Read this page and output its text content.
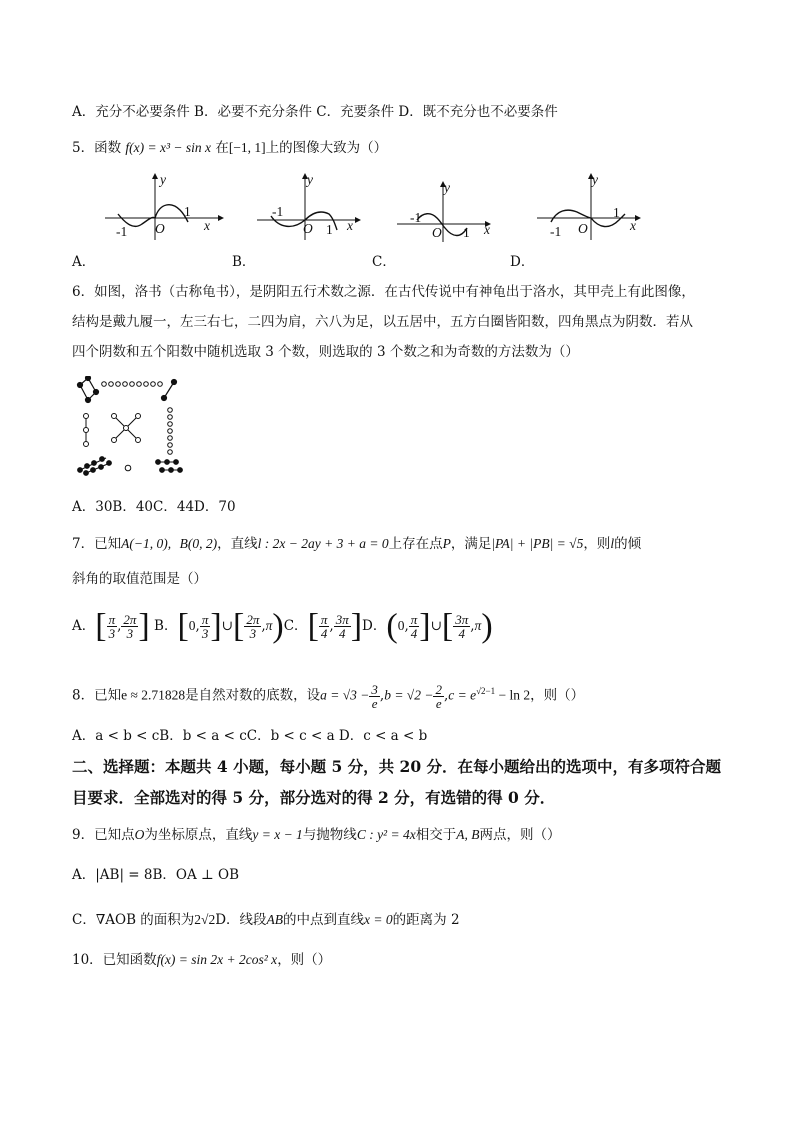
A．充分不必要条件 B．必要不充分条件 C．充要条件 D．既不充分也不必要条件
5．函数 f(x) = x³ − sin x 在[−1, 1]上的图像大致为（）
y
x
O
1
-1
A．
y
x
O 1
-1
B．
y
x
O 1
-1
C．
y
x
O
1
-1
D．
6．如图，洛书（古称龟书），是阴阳五行术数之源．在古代传说中有神龟出于洛水，其甲壳上有此图像，
结构是戴九履一，左三右七，二四为肩，六八为足，以五居中，五方白圈皆阳数，四角黑点为阴数．若从
四个阴数和五个阳数中随机选取 3 个数，则选取的 3 个数之和为奇数的方法数为（）
A．30B．40C．44D．70
7．已知A(−1, 0), B(0, 2)，直线l : 2x − 2ay + 3 + a = 0上存在点P，满足|PA| + |PB| = √5，则l的倾
斜角的取值范围是（）
A．[ $\frac{\pi}{3}$ , $\frac{2\pi}{3}$ ] B．[0, $\frac{\pi}{3}$ ]∪[ $\frac{2\pi}{3} ,\pi)C$．[ $\frac{\pi}{4}$ , $\frac{3\pi}{4} ]D$．(0, $\frac{\pi}{4}$ ]∪[ $\frac{3\pi}{4} ,\pi$)
8．已知e ≈ 2.71828是自然对数的底数，设$a = √3 - \frac{3}{e} ,b = √2 - \frac{2}{e} ,c = e^{√2-1} - \ln 2$，则（）
A．a < b < cB．b < a < cC．b < c < a D．c < a < b
二、选择题：本题共 4 小题，每小题 5 分，共 20 分．在每小题给出的选项中，有多项符合题
目要求．全部选对的得 5 分，部分选对的得 2 分，有选错的得 0 分．
9．已知点O为坐标原点，直线y = x − 1与抛物线C : y² = 4x相交于A, B两点，则（）
A．|AB| = 8B．OA ⊥ OB
C．∇AOB 的面积为2√2D．线段AB的中点到直线x = 0的距离为 2
10．已知函数f(x) = sin 2x + 2cos² x，则（）
